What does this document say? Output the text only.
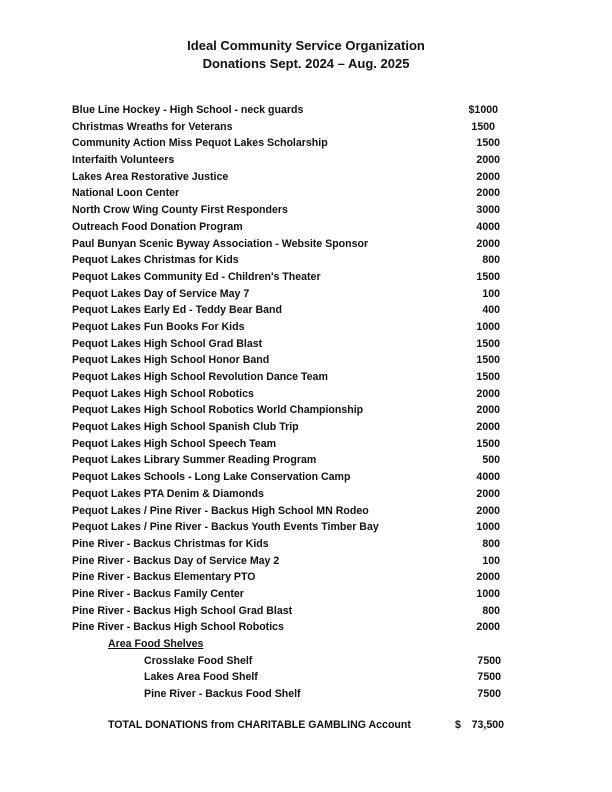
Ideal Community Service Organization
Donations Sept. 2024 – Aug. 2025
Blue Line Hockey - High School - neck guards	$1000
Christmas Wreaths for Veterans	1500
Community Action Miss Pequot Lakes Scholarship	1500
Interfaith Volunteers	2000
Lakes Area Restorative Justice	2000
National Loon Center	2000
North Crow Wing County First Responders	3000
Outreach Food Donation Program	4000
Paul Bunyan Scenic Byway Association - Website Sponsor	2000
Pequot Lakes Christmas for Kids	800
Pequot Lakes Community Ed - Children's Theater	1500
Pequot Lakes Day of Service May 7	100
Pequot Lakes Early Ed - Teddy Bear Band	400
Pequot Lakes Fun Books For Kids	1000
Pequot Lakes High School Grad Blast	1500
Pequot Lakes High School Honor Band	1500
Pequot Lakes High School Revolution Dance Team	1500
Pequot Lakes High School Robotics	2000
Pequot Lakes High School Robotics World Championship	2000
Pequot Lakes High School Spanish Club Trip	2000
Pequot Lakes High School Speech Team	1500
Pequot Lakes Library Summer Reading Program	500
Pequot Lakes Schools - Long Lake Conservation Camp	4000
Pequot Lakes PTA Denim & Diamonds	2000
Pequot Lakes / Pine River - Backus High School MN Rodeo	2000
Pequot Lakes / Pine River - Backus Youth Events Timber Bay	1000
Pine River - Backus Christmas for Kids	800
Pine River - Backus Day of Service May 2	100
Pine River - Backus Elementary PTO	2000
Pine River - Backus Family Center	1000
Pine River - Backus High School Grad Blast	800
Pine River - Backus High School Robotics	2000
Area Food Shelves
Crosslake Food Shelf	7500
Lakes Area Food Shelf	7500
Pine River - Backus Food Shelf	7500
TOTAL DONATIONS from CHARITABLE GAMBLING Account	$ 73,500
